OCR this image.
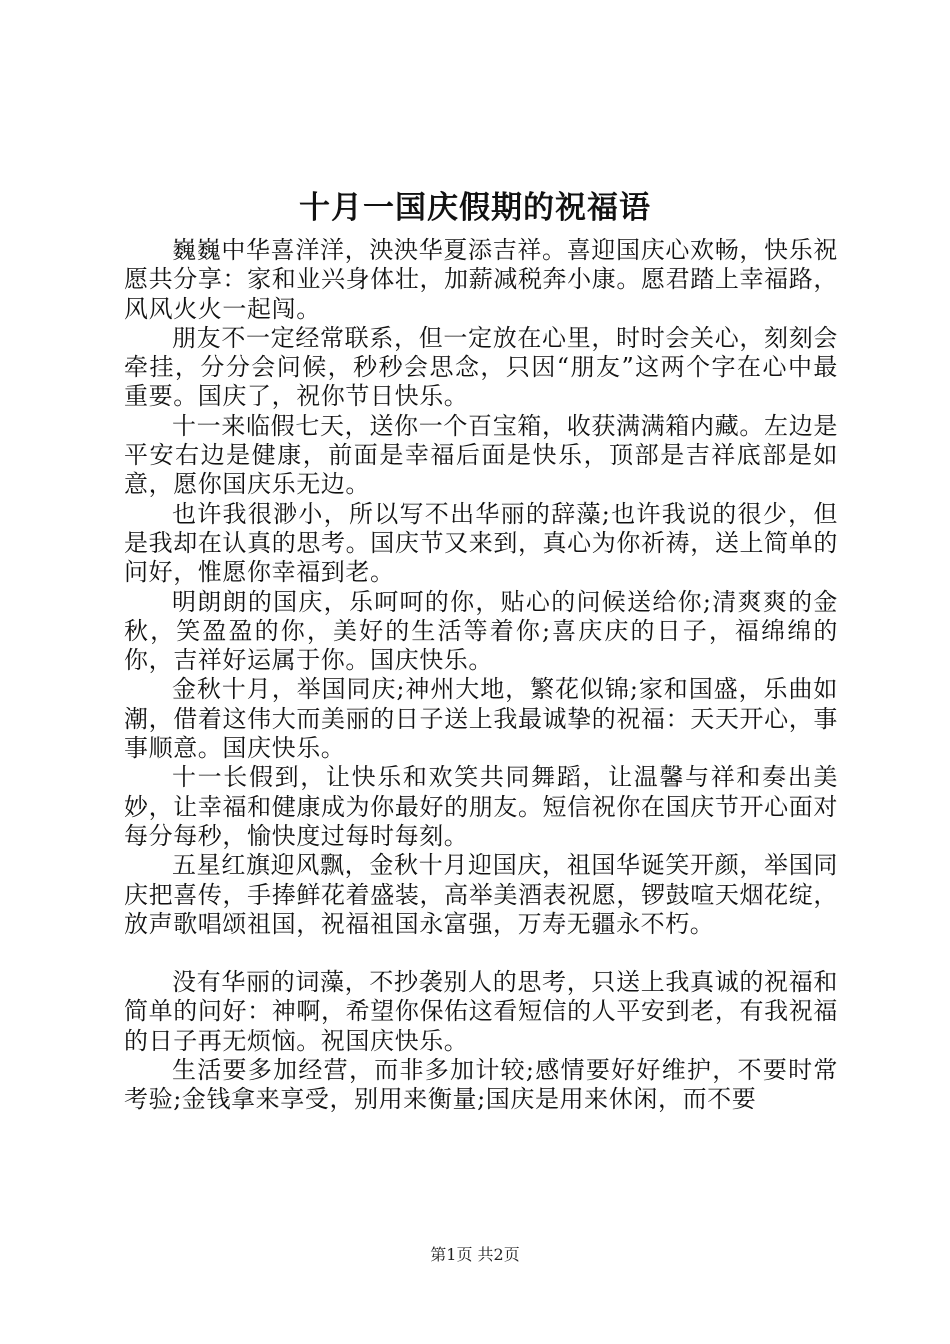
十月一国庆假期的祝福语

巍巍中华喜洋洋，泱泱华夏添吉祥。喜迎国庆心欢畅，快乐祝愿共分享：家和业兴身体壮，加薪减税奔小康。愿君踏上幸福路，风风火火一起闯。

朋友不一定经常联系，但一定放在心里，时时会关心，刻刻会牵挂，分分会问候，秒秒会思念，只因“朋友”这两个字在心中最重要。国庆了，祝你节日快乐。

十一来临假七天，送你一个百宝箱，收获满满箱内藏。左边是平安右边是健康，前面是幸福后面是快乐，顶部是吉祥底部是如意，愿你国庆乐无边。

也许我很渺小，所以写不出华丽的辞藻;也许我说的很少，但是我却在认真的思考。国庆节又来到，真心为你祈祷，送上简单的问好，惟愿你幸福到老。

明朗朗的国庆，乐呵呵的你，贴心的问候送给你;清爽爽的金秋，笑盈盈的你，美好的生活等着你;喜庆庆的日子，福绵绵的你，吉祥好运属于你。国庆快乐。

金秋十月，举国同庆;神州大地，繁花似锦;家和国盛，乐曲如潮，借着这伟大而美丽的日子送上我最诚挚的祝福：天天开心，事事顺意。国庆快乐。

十一长假到，让快乐和欢笑共同舞蹈，让温馨与祥和奏出美妙，让幸福和健康成为你最好的朋友。短信祝你在国庆节开心面对每分每秒，愉快度过每时每刻。

五星红旗迎风飘，金秋十月迎国庆，祖国华诞笑开颜，举国同庆把喜传，手捧鲜花着盛装，高举美酒表祝愿，锣鼓喧天烟花绽，放声歌唱颂祖国，祝福祖国永富强，万寿无疆永不朽。

没有华丽的词藻，不抄袭别人的思考，只送上我真诚的祝福和简单的问好：神啊，希望你保佑这看短信的人平安到老，有我祝福的日子再无烦恼。祝国庆快乐。

生活要多加经营，而非多加计较;感情要好好维护，不要时常考验;金钱拿来享受，别用来衡量;国庆是用来休闲，而不要

第1页 共2页
